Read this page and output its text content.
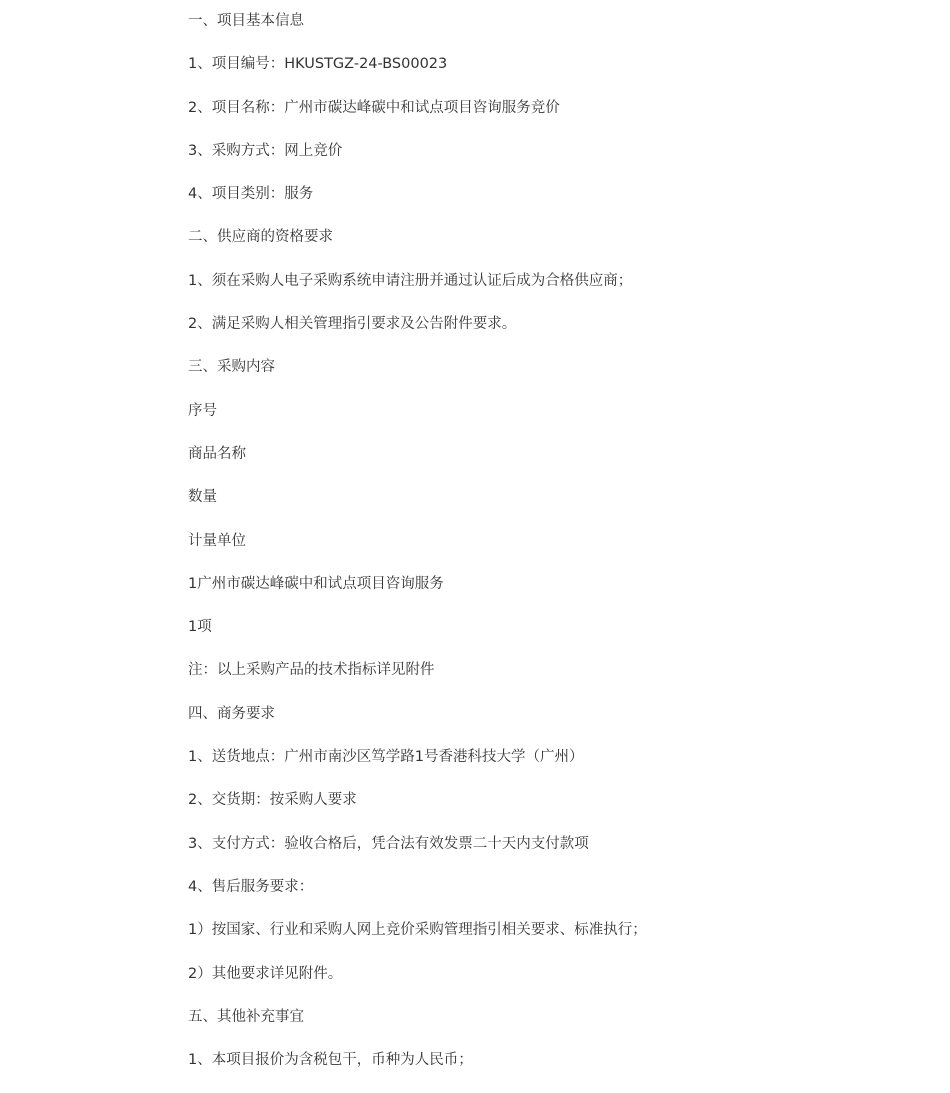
一、项目基本信息
1、项目编号：HKUSTGZ-24-BS00023
2、项目名称：广州市碳达峰碳中和试点项目咨询服务竞价
3、采购方式：网上竞价
4、项目类别：服务
二、供应商的资格要求
1、须在采购人电子采购系统申请注册并通过认证后成为合格供应商；
2、满足采购人相关管理指引要求及公告附件要求。
三、采购内容
序号
商品名称
数量
计量单位
1广州市碳达峰碳中和试点项目咨询服务
1项
注：以上采购产品的技术指标详见附件
四、商务要求
1、送货地点：广州市南沙区笃学路1号香港科技大学（广州）
2、交货期：按采购人要求
3、支付方式：验收合格后，凭合法有效发票二十天内支付款项
4、售后服务要求：
1）按国家、行业和采购人网上竞价采购管理指引相关要求、标准执行；
2）其他要求详见附件。
五、其他补充事宜
1、本项目报价为含税包干，币种为人民币；
